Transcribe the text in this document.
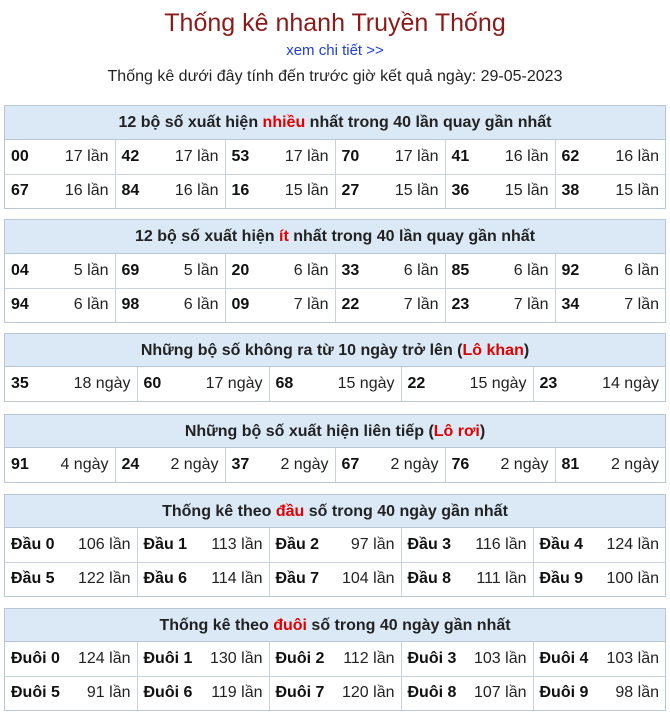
Thống kê nhanh Truyền Thống
xem chi tiết >>
Thống kê dưới đây tính đến trước giờ kết quả ngày: 29-05-2023
12 bộ số xuất hiện nhiều nhất trong 40 lần quay gần nhất
00 17 lần	42 17 lần	53 17 lần	70 17 lần	41 16 lần	62 16 lần

67 16 lần	84 16 lần	16 15 lần	27 15 lần	36 15 lần	38 15 lần
12 bộ số xuất hiện ít nhất trong 40 lần quay gần nhất
04 5 lần	69 5 lần	20 6 lần	33 6 lần	85 6 lần	92 6 lần

94 6 lần	98 6 lần	09 7 lần	22 7 lần	23 7 lần	34 7 lần
Những bộ số không ra từ 10 ngày trở lên (Lô khan)
35	18 ngày	60	17 ngày	68	15 ngày	22	15 ngày	23	14 ngày
Những bộ số xuất hiện liên tiếp (Lô rơi)
91 4 ngày	24 2 ngày	37 2 ngày	67 2 ngày	76 2 ngày	81 2 ngày
Thống kê theo đầu số trong 40 ngày gần nhất
Đầu 0 106 lần	Đầu 1 113 lần	Đầu 2 97 lần	Đầu 3 116 lần	Đầu 4 124 lần

Đầu 5 122 lần	Đầu 6 114 lần	Đầu 7 104 lần	Đầu 8 111 lần	Đầu 9 100 lần
Thống kê theo đuôi số trong 40 ngày gần nhất
Đuôi 0 124 lần	Đuôi 1 130 lần	Đuôi 2 112 lần	Đuôi 3 103 lần	Đuôi 4 103 lần

Đuôi 5 91 lần	Đuôi 6 119 lần	Đuôi 7 120 lần	Đuôi 8 107 lần	Đuôi 9 98 lần
